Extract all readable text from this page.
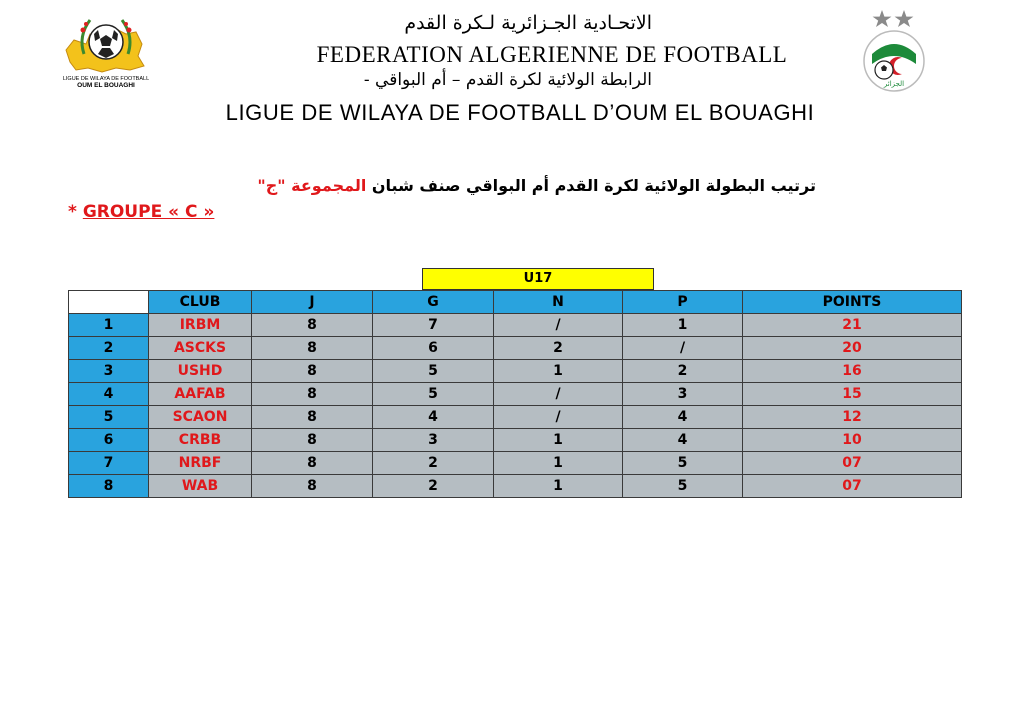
LIGUE DE WILAYA DE FOOTBALL
OUM EL BOUAGHI	الجزائر
الاتحـادية الجـزائرية لـكرة القدم
FEDERATION ALGERIENNE DE FOOTBALL
الرابطة الولائية لكرة القدم – أم البواقي -
LIGUE DE WILAYA DE FOOTBALL D’OUM EL BOUAGHI
ترتيب البطولة الولائية لكرة القدم أم البواقي صنف شبان المجموعة "ج"
* GROUPE « C »
U17
	CLUB	J	G	N	P	POINTS
1	IRBM	8	7	/	1	21
2	ASCKS	8	6	2	/	20
3	USHD	8	5	1	2	16
4	AAFAB	8	5	/	3	15
5	SCAON	8	4	/	4	12
6	CRBB	8	3	1	4	10
7	NRBF	8	2	1	5	07
8	WAB	8	2	1	5	07
